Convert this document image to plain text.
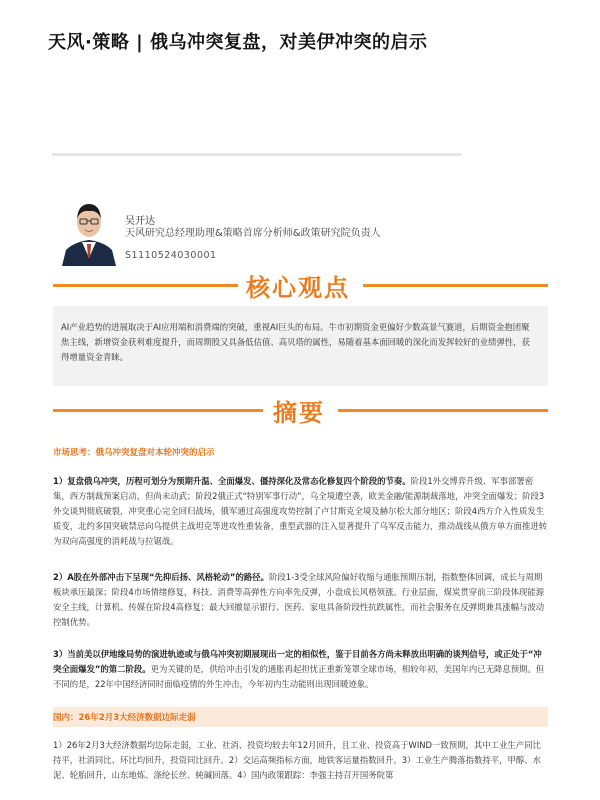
天风·策略 | 俄乌冲突复盘，对美伊冲突的启示
吴开达
天风研究总经理助理&策略首席分析师&政策研究院负责人
S1110524030001
核心观点
AI产业趋势的进展取决于AI应用端和消费端的突破，重视AI巨头的布局。牛市初期资金更偏好少数高景气赛道，后期资金抱团聚焦主线，新增资金获利难度提升，而周期股又具备低估值、高贝塔的属性，易随着基本面回暖的深化而发挥较好的业绩弹性，获得增量资金青睐。
摘要
市场思考：俄乌冲突复盘对本轮冲突的启示
1）复盘俄乌冲突，历程可划分为预期升温、全面爆发、僵持深化及常态化修复四个阶段的节奏。阶段1外交博弈升级、军事部署密集，西方制裁预案启动，但尚未动武；阶段2俄正式“特别军事行动”，乌全境遭空袭，欧美金融/能源制裁落地，冲突全面爆发；阶段3外交谈判彻底破裂，冲突重心完全回归战场，俄军通过高强度攻势控制了卢甘斯克全境及赫尔松大部分地区；阶段4西方介入性质发生质变，北约多国突破禁忌向乌提供主战坦克等进攻性重装备，重型武器的注入显著提升了乌军反击能力，推动战线从俄方单方面推进转为双向高强度的消耗战与拉锯战。
2）A股在外部冲击下呈现“先抑后扬、风格轮动”的路径。阶段1-3受全球风险偏好收缩与通胀预期压制，指数整体回调，成长与周期板块承压最深；阶段4市场情绪修复，科技、消费等高弹性方向率先反弹，小盘成长风格领涨。行业层面，煤炭贯穿前三阶段体现能源安全主线，计算机、传媒在阶段4高修复；最大回撤显示银行、医药、家电具备阶段性抗跌属性，而社会服务在反弹期兼具涨幅与波动控制优势。
3）当前美以伊地缘局势的演进轨迹或与俄乌冲突初期展现出一定的相似性，鉴于目前各方尚未释放出明确的谈判信号，或正处于“冲突全面爆发”的第二阶段。更为关键的是，供给冲击引发的通胀再起担忧正重新笼罩全球市场，相较年初，美国年内已无降息预期。但不同的是，22年中国经济同时面临疫情的外生冲击，今年初内生动能则出现回暖迹象。
国内：26年2月3大经济数据边际走弱
1）26年2月3大经济数据均边际走弱，工业、社消、投资均较去年12月回升，且工业、投资高于WIND一致预期，其中工业生产同比持平，社消同比、环比均回升，投资同比回升。2）交运高频指标方面，地铁客运量指数回升。3）工业生产腾落指数持平，甲醇、水泥、轮胎回升，山东地炼、涤纶长丝、純碱回落。4）国内政策跟踪：李强主持召开国务院第
